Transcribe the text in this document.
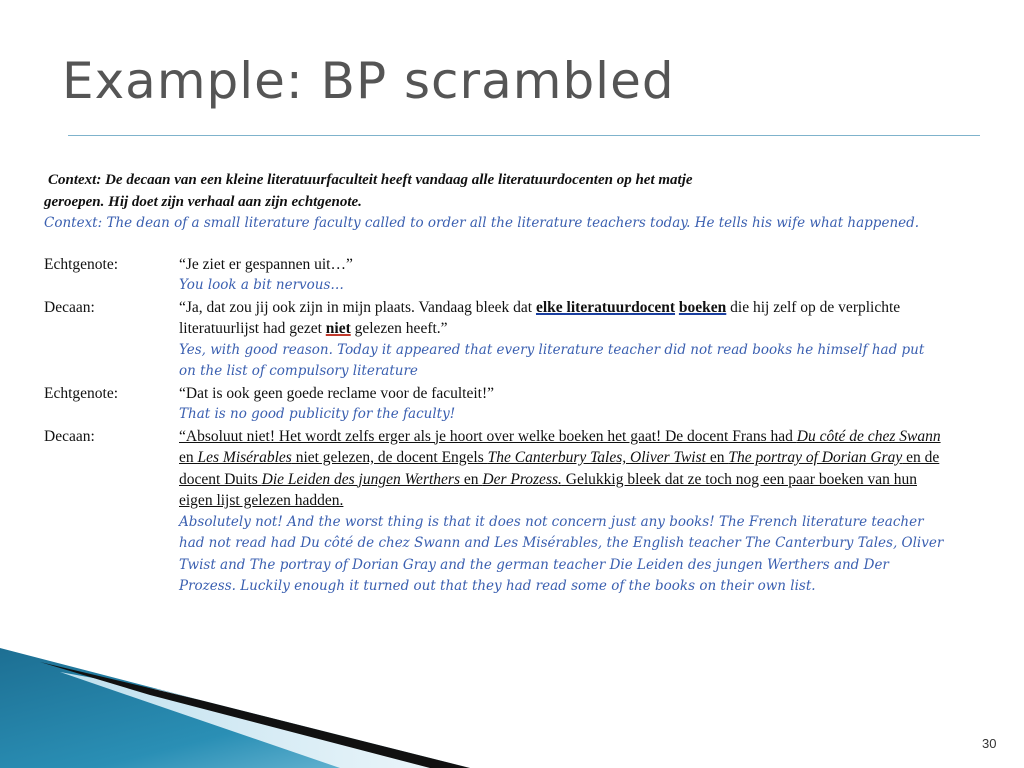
Example: BP scrambled
Context: De decaan van een kleine literatuurfaculteit heeft vandaag alle literatuurdocenten op het matje
geroepen. Hij doet zijn verhaal aan zijn echtgenote.
Context: The dean of a small literature faculty called to order all the literature teachers today. He tells his wife what happened.
Echtgenote:	“Je ziet er gespannen uit…”
You look a bit nervous…
Decaan:	“Ja, dat zou jij ook zijn in mijn plaats. Vandaag bleek dat elke literatuurdocent boeken die hij zelf op de verplichte literatuurlijst had gezet niet gelezen heeft.”
Yes, with good reason. Today it appeared that every literature teacher did not read books he himself had put on the list of compulsory literature
Echtgenote:	“Dat is ook geen goede reclame voor de faculteit!”
That is no good publicity for the faculty!
Decaan:	“Absoluut niet! Het wordt zelfs erger als je hoort over welke boeken het gaat! De docent Frans had Du côté de chez Swann en Les Misérables niet gelezen, de docent Engels The Canterbury Tales, Oliver Twist en The portray of Dorian Gray en de docent Duits Die Leiden des jungen Werthers en Der Prozess. Gelukkig bleek dat ze toch nog een paar boeken van hun eigen lijst gelezen hadden.
Absolutely not! And the worst thing is that it does not concern just any books! The French literature teacher had not read had Du côté de chez Swann and Les Misérables, the English teacher The Canterbury Tales, Oliver Twist and The portray of Dorian Gray and the german teacher Die Leiden des jungen Werthers and Der Prozess. Luckily enough it turned out that they had read some of the books on their own list.
30
